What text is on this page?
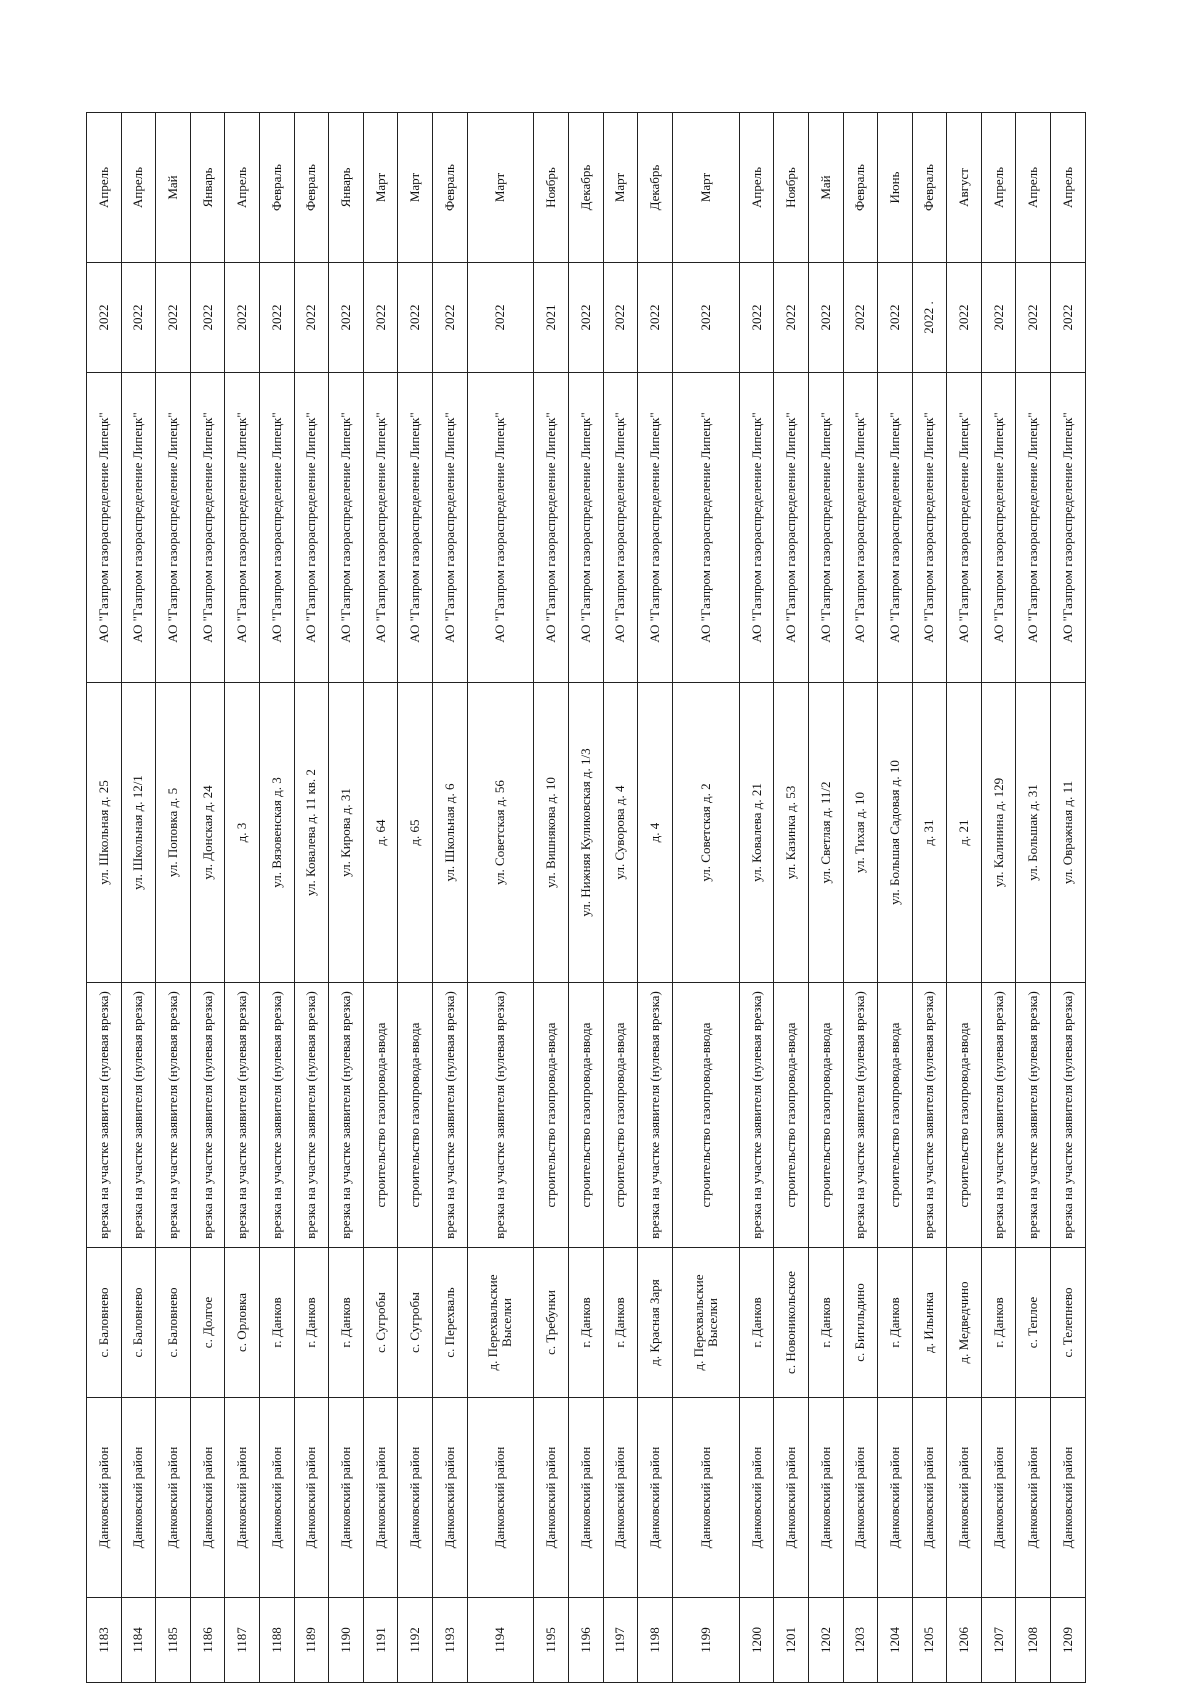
1183	Данковский район	с. Баловнево	врезка на участке заявителя (нулевая врезка)	ул. Школьная д. 25	АО "Газпром газораспределение Липецк"	2022	Апрель
1184	Данковский район	с. Баловнево	врезка на участке заявителя (нулевая врезка)	ул. Школьная д. 12/1	АО "Газпром газораспределение Липецк"	2022	Апрель
1185	Данковский район	с. Баловнево	врезка на участке заявителя (нулевая врезка)	ул. Поповка д. 5	АО "Газпром газораспределение Липецк"	2022	Май
1186	Данковский район	с. Долгое	врезка на участке заявителя (нулевая врезка)	ул. Донская д. 24	АО "Газпром газораспределение Липецк"	2022	Январь
1187	Данковский район	с. Орловка	врезка на участке заявителя (нулевая врезка)	д. 3	АО "Газпром газораспределение Липецк"	2022	Апрель
1188	Данковский район	г. Данков	врезка на участке заявителя (нулевая врезка)	ул. Вязовенская д. 3	АО "Газпром газораспределение Липецк"	2022	Февраль
1189	Данковский район	г. Данков	врезка на участке заявителя (нулевая врезка)	ул. Ковалева д. 11 кв. 2	АО "Газпром газораспределение Липецк"	2022	Февраль
1190	Данковский район	г. Данков	врезка на участке заявителя (нулевая врезка)	ул. Кирова д. 31	АО "Газпром газораспределение Липецк"	2022	Январь
1191	Данковский район	с. Сугробы	строительство газопровода-ввода	д. 64	АО "Газпром газораспределение Липецк"	2022	Март
1192	Данковский район	с. Сугробы	строительство газопровода-ввода	д. 65	АО "Газпром газораспределение Липецк"	2022	Март
1193	Данковский район	с. Перехваль	врезка на участке заявителя (нулевая врезка)	ул. Школьная д. 6	АО "Газпром газораспределение Липецк"	2022	Февраль
1194	Данковский район	д. Перехвальские Выселки	врезка на участке заявителя (нулевая врезка)	ул. Советская д. 56	АО "Газпром газораспределение Липецк"	2022	Март
1195	Данковский район	с. Требунки	строительство газопровода-ввода	ул. Вишнякова д. 10	АО "Газпром газораспределение Липецк"	2021	Ноябрь
1196	Данковский район	г. Данков	строительство газопровода-ввода	ул. Нижняя Куликовская д. 1/3	АО "Газпром газораспределение Липецк"	2022	Декабрь
1197	Данковский район	г. Данков	строительство газопровода-ввода	ул. Суворова д. 4	АО "Газпром газораспределение Липецк"	2022	Март
1198	Данковский район	д. Красная Заря	врезка на участке заявителя (нулевая врезка)	д. 4	АО "Газпром газораспределение Липецк"	2022	Декабрь
1199	Данковский район	д. Перехвальские Выселки	строительство газопровода-ввода	ул. Советская д. 2	АО "Газпром газораспределение Липецк"	2022	Март
1200	Данковский район	г. Данков	врезка на участке заявителя (нулевая врезка)	ул. Ковалева д. 21	АО "Газпром газораспределение Липецк"	2022	Апрель
1201	Данковский район	с. Новоникольское	строительство газопровода-ввода	ул. Казинка д. 53	АО "Газпром газораспределение Липецк"	2022	Ноябрь
1202	Данковский район	г. Данков	строительство газопровода-ввода	ул. Светлая д. 11/2	АО "Газпром газораспределение Липецк"	2022	Май
1203	Данковский район	с. Бигильдино	врезка на участке заявителя (нулевая врезка)	ул. Тихая д. 10	АО "Газпром газораспределение Липецк"	2022	Февраль
1204	Данковский район	г. Данков	строительство газопровода-ввода	ул. Большая Садовая д. 10	АО "Газпром газораспределение Липецк"	2022	Июнь
1205	Данковский район	д. Ильинка	врезка на участке заявителя (нулевая врезка)	д. 31	АО "Газпром газораспределение Липецк"	2022 .	Февраль
1206	Данковский район	д. Медведчино	строительство газопровода-ввода	д. 21	АО "Газпром газораспределение Липецк"	2022	Август
1207	Данковский район	г. Данков	врезка на участке заявителя (нулевая врезка)	ул. Калинина д. 129	АО "Газпром газораспределение Липецк"	2022	Апрель
1208	Данковский район	с. Теплое	врезка на участке заявителя (нулевая врезка)	ул. Большак д. 31	АО "Газпром газораспределение Липецк"	2022	Апрель
1209	Данковский район	с. Телепнево	врезка на участке заявителя (нулевая врезка)	ул. Овражная д. 11	АО "Газпром газораспределение Липецк"	2022	Апрель
